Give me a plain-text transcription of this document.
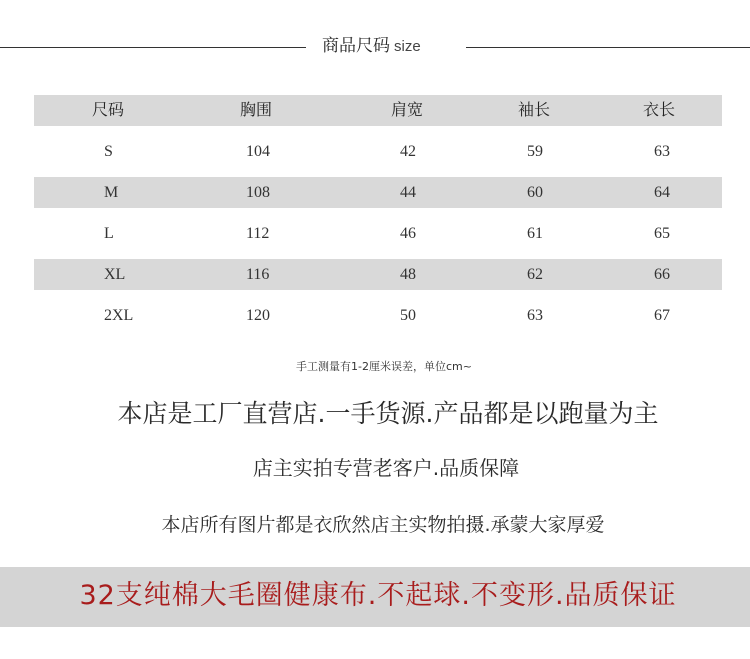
商品尺码 size
尺码	胸围	肩宽	袖长	衣长
S	104	42	59	63
M	108	44	60	64
L	112	46	61	65
XL	116	48	62	66
2XL	120	50	63	67
手工测量有1-2厘米误差，单位cm~
本店是工厂直营店.一手货源.产品都是以跑量为主
店主实拍专营老客户.品质保障
本店所有图片都是衣欣然店主实物拍摄.承蒙大家厚爱
32支纯棉大毛圈健康布.不起球.不变形.品质保证
